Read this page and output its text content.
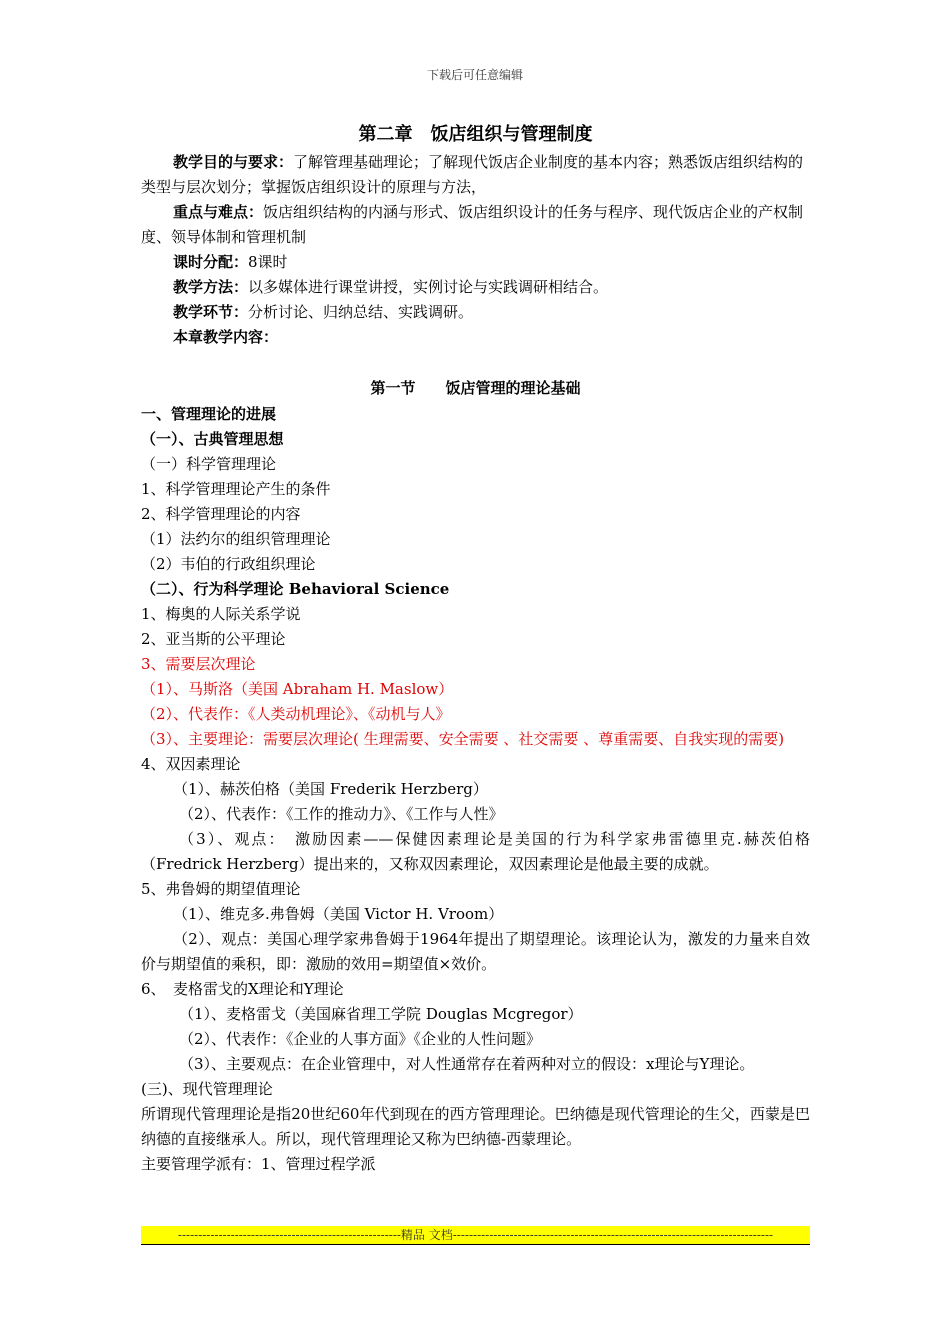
下载后可任意编辑
第二章　饭店组织与管理制度

教学目的与要求：了解管理基础理论；了解现代饭店企业制度的基本内容；熟悉饭店组织结构的类型与层次划分；掌握饭店组织设计的原理与方法，

重点与难点：饭店组织结构的内涵与形式、饭店组织设计的任务与程序、现代饭店企业的产权制度、领导体制和管理机制

课时分配：8课时

教学方法：以多媒体进行课堂讲授，实例讨论与实践调研相结合。

教学环节：分析讨论、归纳总结、实践调研。

本章教学内容：

第一节　　饭店管理的理论基础

一、管理理论的进展

（一）、古典管理思想

（一）科学管理理论

1、科学管理理论产生的条件

2、科学管理理论的内容

（1）法约尔的组织管理理论

（2）韦伯的行政组织理论

（二）、行为科学理论 Behavioral Science

1、梅奥的人际关系学说

2、亚当斯的公平理论

3、需要层次理论

（1）、马斯洛（美国 Abraham H. Maslow）

（2）、代表作：《人类动机理论》、《动机与人》

（3）、主要理论：需要层次理论( 生理需要、安全需要 、社交需要 、尊重需要、自我实现的需要)

4、双因素理论

（1）、赫茨伯格（美国 Frederik Herzberg）

（2）、代表作：《工作的推动力》、《工作与人性》

（3）、观点：　激励因素——保健因素理论是美国的行为科学家弗雷德里克.赫茨伯格（Fredrick Herzberg）提出来的，又称双因素理论，双因素理论是他最主要的成就。

5、弗鲁姆的期望值理论

（1）、维克多.弗鲁姆（美国 Victor H. Vroom）

（2）、观点：美国心理学家弗鲁姆于1964年提出了期望理论。该理论认为，激发的力量来自效价与期望值的乘积，即：激励的效用=期望值×效价。

6、　麦格雷戈的X理论和Y理论

（1）、麦格雷戈（美国麻省理工学院 Douglas Mcgregor）

（2）、代表作：《企业的人事方面》《企业的人性问题》

（3）、主要观点：在企业管理中，对人性通常存在着两种对立的假设：x理论与Y理论。

(三)、现代管理理论

所谓现代管理理论是指20世纪60年代到现在的西方管理理论。巴纳德是现代管理论的生父，西蒙是巴纳德的直接继承人。所以，现代管理理论又称为巴纳德-西蒙理论。

主要管理学派有：1、管理过程学派

-------------------------------------------------------精品 文档-------------------------------------------------------------------------------
